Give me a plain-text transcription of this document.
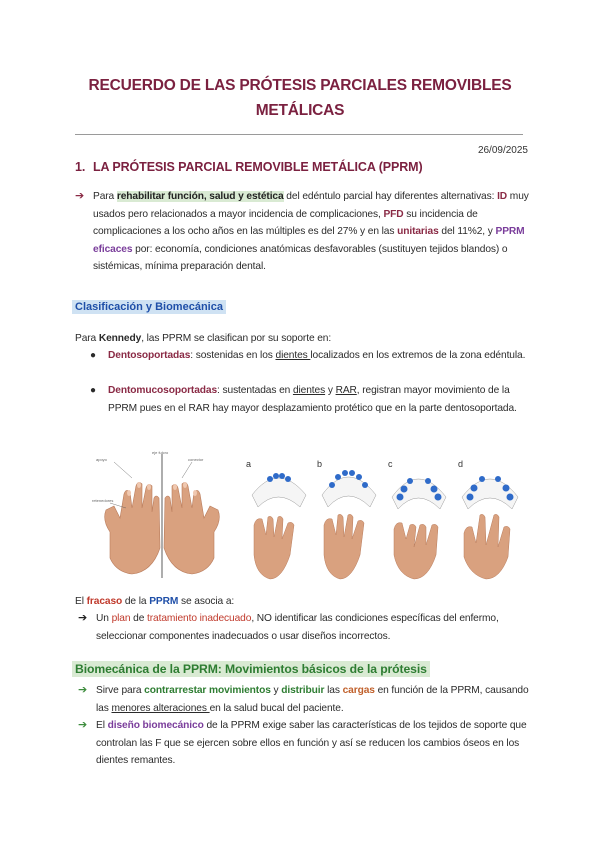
RECUERDO DE LAS PRÓTESIS PARCIALES REMOVIBLES
METÁLICAS
26/09/2025
1. LA PRÓTESIS PARCIAL REMOVIBLE METÁLICA (PPRM)
➔ Para rehabilitar función, salud y estética del edéntulo parcial hay diferentes alternativas: ID muy usados pero relacionados a mayor incidencia de complicaciones, PFD su incidencia de complicaciones a los ocho años en las múltiples es del 27% y en las unitarias del 11%2, y PPRM eficaces por: economía, condiciones anatómicas desfavorables (sustituyen tejidos blandos) o sistémicas, mínima preparación dental.
Clasificación y Biomecánica
Para Kennedy, las PPRM se clasifican por su soporte en:
● Dentosoportadas: sostenidas en los dientes localizados en los extremos de la zona edéntula.
● Dentomucosoportadas: sustentadas en dientes y RAR, registran mayor movimiento de la PPRM pues en el RAR hay mayor desplazamiento protético que en la parte dentosoportada.
eje fulcro
apoyo	conector
retenedores
a	b	c	d
El fracaso de la PPRM se asocia a:
➔ Un plan de tratamiento inadecuado, NO identificar las condiciones específicas del enfermo, seleccionar componentes inadecuados o usar diseños incorrectos.
Biomecánica de la PPRM: Movimientos básicos de la prótesis
➔ Sirve para contrarrestar movimientos y distribuir las cargas en función de la PPRM, causando las menores alteraciones en la salud bucal del paciente.
➔ El diseño biomecánico de la PPRM exige saber las características de los tejidos de soporte que controlan las F que se ejercen sobre ellos en función y así se reducen los cambios óseos en los dientes remantes.
